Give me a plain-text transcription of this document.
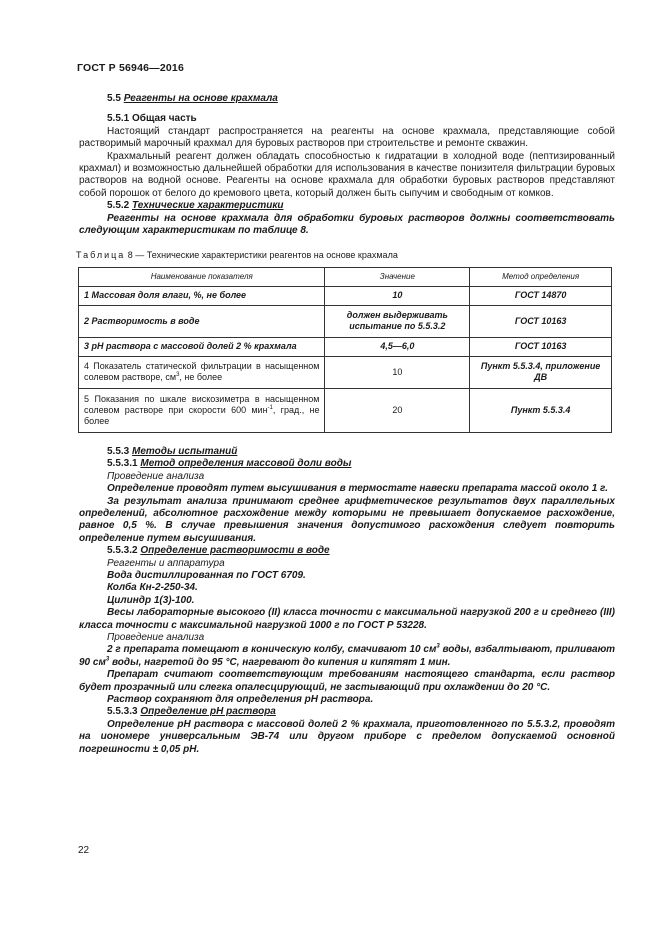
ГОСТ Р 56946—2016

5.5 Реагенты на основе крахмала

5.5.1 Общая часть

Настоящий стандарт распространяется на реагенты на основе крахмала, представляющие собой растворимый марочный крахмал для буровых растворов при строительстве и ремонте скважин.

Крахмальный реагент должен обладать способностью к гидратации в холодной воде (пептизированный крахмал) и возможностью дальнейшей обработки для использования в качестве понизителя фильтрации буровых растворов на водной основе. Реагенты на основе крахмала для обработки буровых растворов представляют собой порошок от белого до кремового цвета, который должен быть сыпучим и свободным от комков.

5.5.2 Технические характеристики

Реагенты на основе крахмала для обработки буровых растворов должны соответствовать следующим характеристикам по таблице 8.

Таблица 8 — Технические характеристики реагентов на основе крахмала

Наименование показателя	Значение	Метод определения
1 Массовая доля влаги, %, не более	10	ГОСТ 14870
2 Растворимость в воде	должен выдерживать испытание по 5.5.3.2	ГОСТ 10163
3 pH раствора с массовой долей 2 % крахмала	4,5—6,0	ГОСТ 10163
4 Показатель статической фильтрации в насыщенном солевом растворе, $см^3$, не более	10	Пункт 5.5.3.4, приложение ДВ
5 Показания по шкале вискозиметра в насыщенном солевом растворе при скорости 600 мин$^{-1}$, град., не более	20	Пункт 5.5.3.4

5.5.3 Методы испытаний

5.5.3.1 Метод определения массовой доли воды

Проведение анализа

Определение проводят путем высушивания в термостате навески препарата массой около 1 г.

За результат анализа принимают среднее арифметическое результатов двух параллельных определений, абсолютное расхождение между которыми не превышает допускаемое расхождение, равное 0,5 %. В случае превышения значения допустимого расхождения следует повторить определение путем высушивания.

5.5.3.2 Определение растворимости в воде

Реагенты и аппаратура

Вода дистиллированная по ГОСТ 6709.

Колба Кн-2-250-34.

Цилиндр 1(3)-100.

Весы лабораторные высокого (II) класса точности с максимальной нагрузкой 200 г и среднего (III) класса точности с максимальной нагрузкой 1000 г по ГОСТ Р 53228.

Проведение анализа

2 г препарата помещают в коническую колбу, смачивают 10 $см^3$ воды, взбалтывают, приливают 90 $см^3$ воды, нагретой до 95 °С, нагревают до кипения и кипятят 1 мин.

Препарат считают соответствующим требованиям настоящего стандарта, если раствор будет прозрачный или слегка опалесцирующий, не застывающий при охлаждении до 20 °С.

Раствор сохраняют для определения pH раствора.

5.5.3.3 Определение pH раствора

Определение pH раствора с массовой долей 2 % крахмала, приготовленного по 5.5.3.2, проводят на иономере универсальным ЭВ-74 или другом приборе с пределом допускаемой основной погрешности ± 0,05 pH.

22
